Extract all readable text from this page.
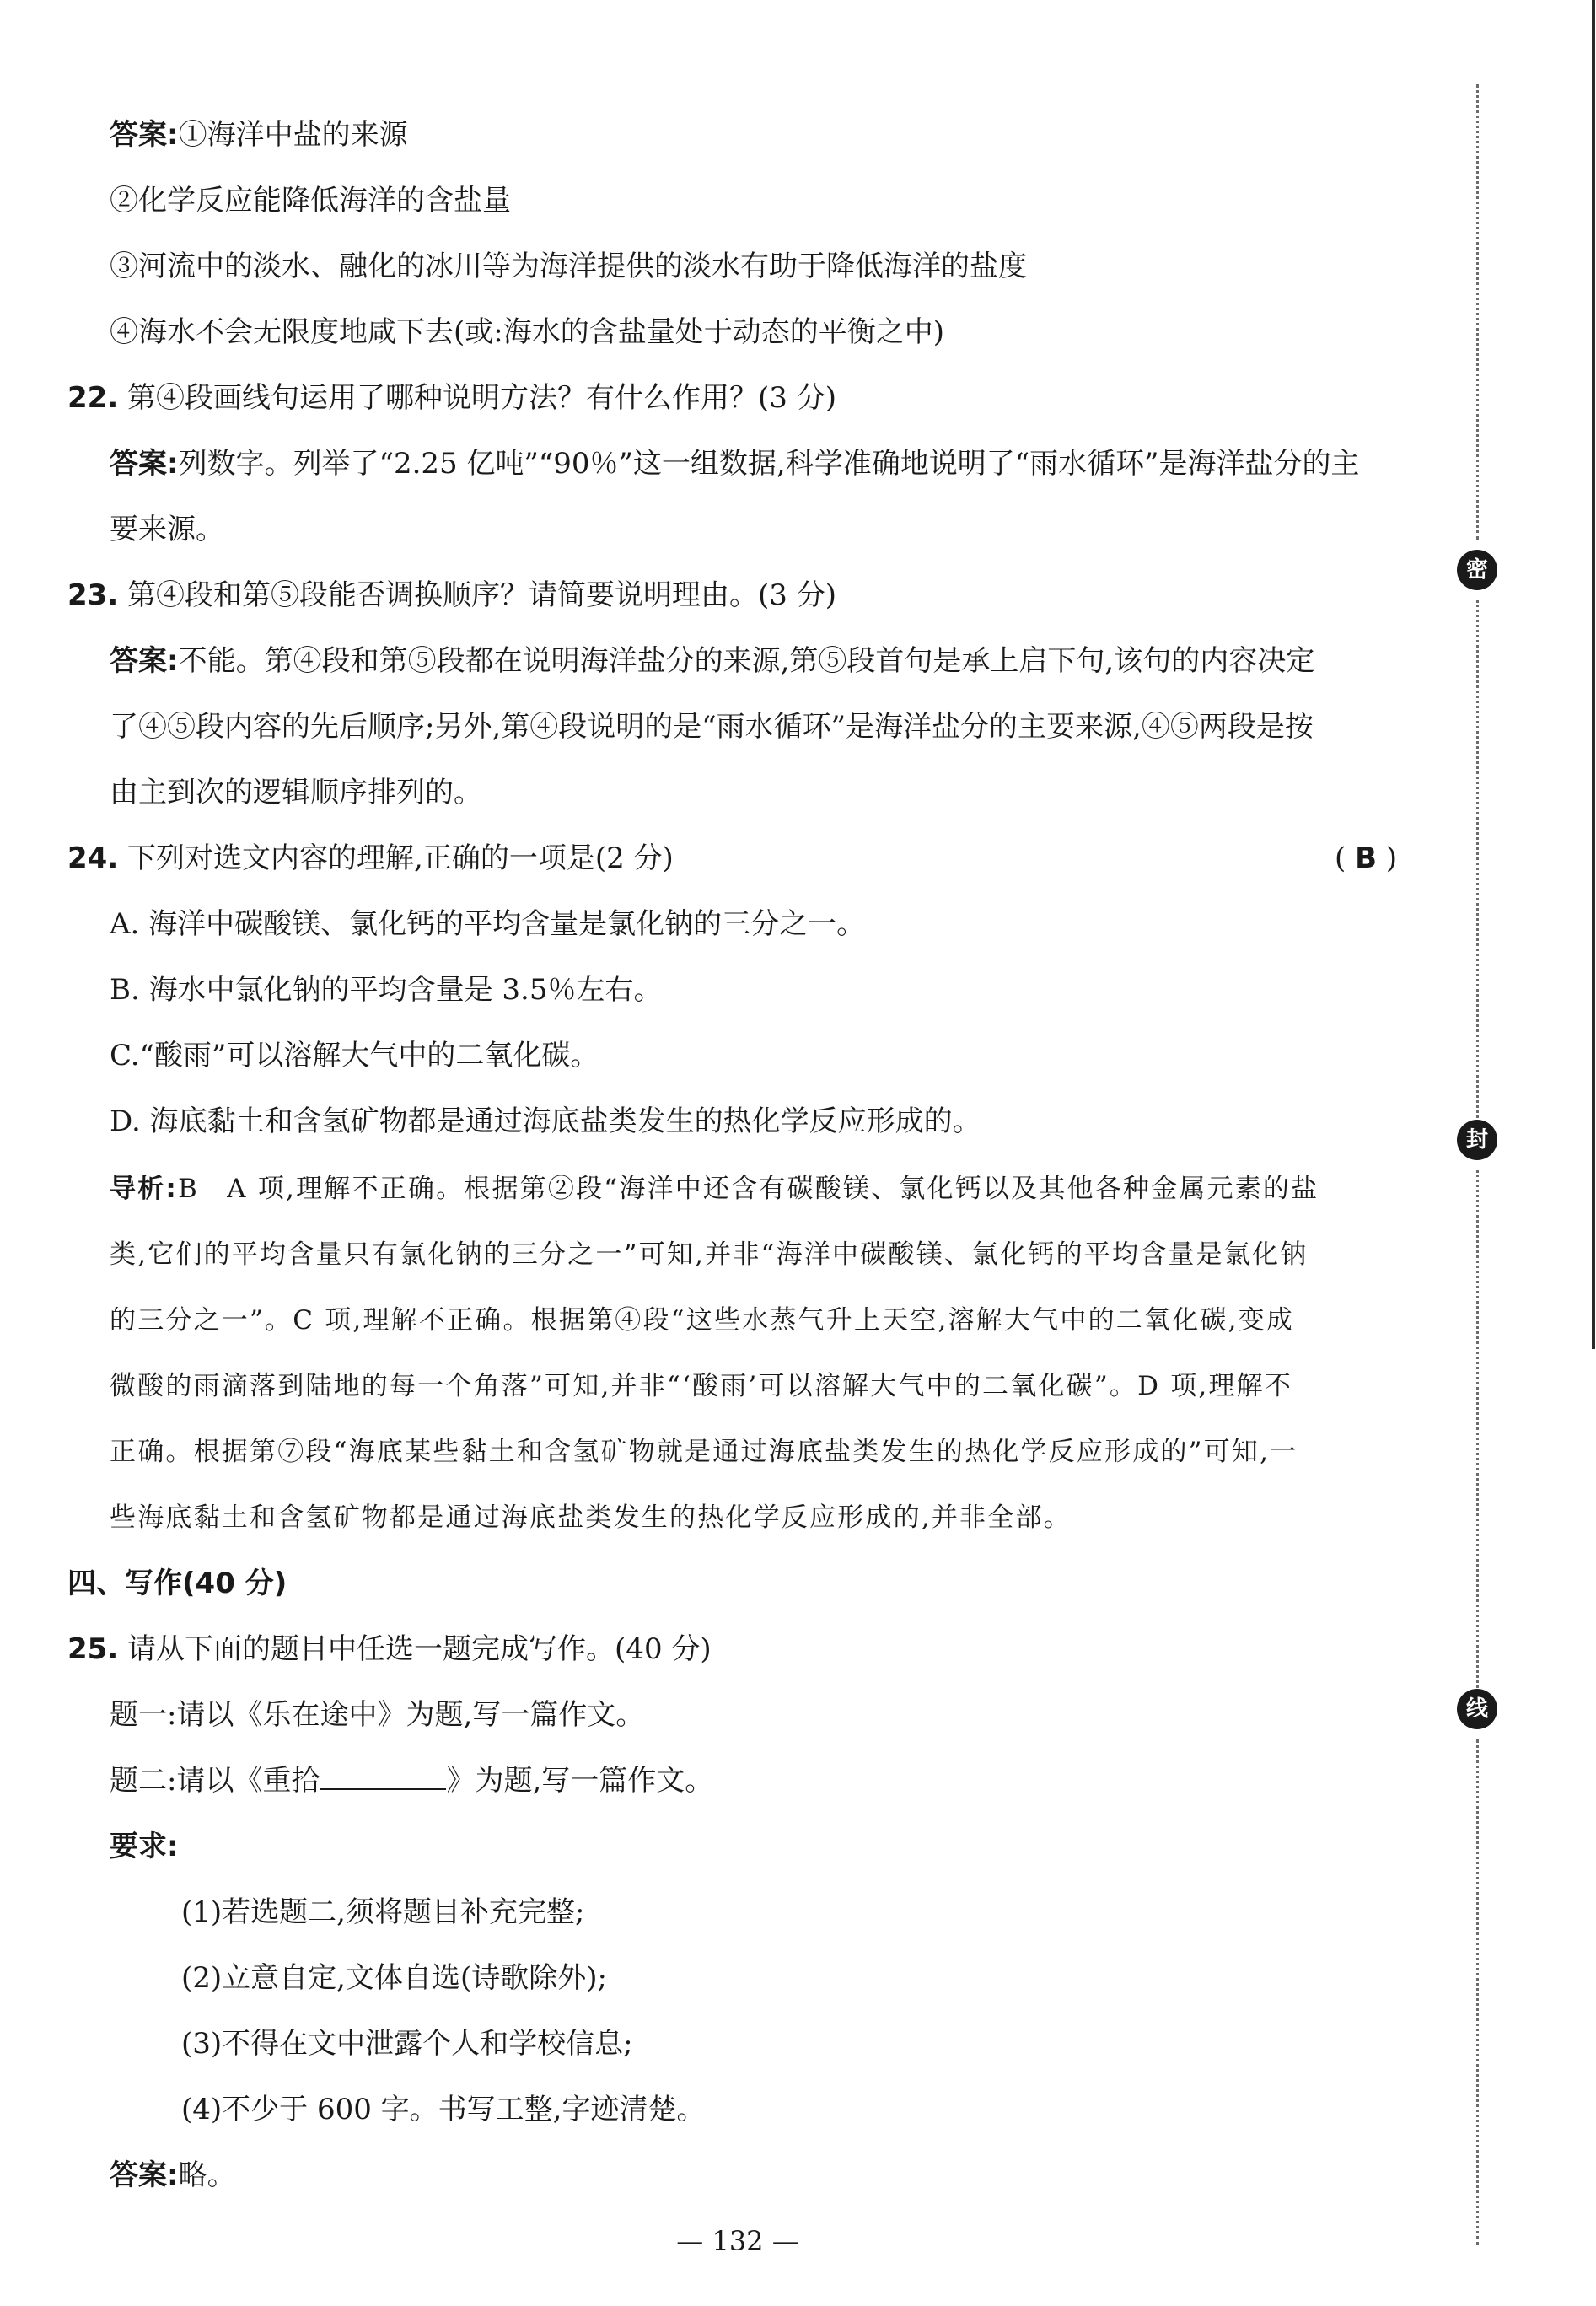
答案:①海洋中盐的来源
②化学反应能降低海洋的含盐量
③河流中的淡水、融化的冰川等为海洋提供的淡水有助于降低海洋的盐度
④海水不会无限度地咸下去(或:海水的含盐量处于动态的平衡之中)
22. 第④段画线句运用了哪种说明方法？有什么作用？(3 分)
答案:列数字。列举了“2.25 亿吨”“90％”这一组数据,科学准确地说明了“雨水循环”是海洋盐分的主
要来源。
23. 第④段和第⑤段能否调换顺序？请简要说明理由。(3 分)
答案:不能。第④段和第⑤段都在说明海洋盐分的来源,第⑤段首句是承上启下句,该句的内容决定
了④⑤段内容的先后顺序;另外,第④段说明的是“雨水循环”是海洋盐分的主要来源,④⑤两段是按
由主到次的逻辑顺序排列的。
24. 下列对选文内容的理解,正确的一项是(2 分)	( B )
A. 海洋中碳酸镁、氯化钙的平均含量是氯化钠的三分之一。
B. 海水中氯化钠的平均含量是 3.5％左右。
C.“酸雨”可以溶解大气中的二氧化碳。
D. 海底黏土和含氢矿物都是通过海底盐类发生的热化学反应形成的。
导析:B　A 项,理解不正确。根据第②段“海洋中还含有碳酸镁、氯化钙以及其他各种金属元素的盐
类,它们的平均含量只有氯化钠的三分之一”可知,并非“海洋中碳酸镁、氯化钙的平均含量是氯化钠
的三分之一”。C 项,理解不正确。根据第④段“这些水蒸气升上天空,溶解大气中的二氧化碳,变成
微酸的雨滴落到陆地的每一个角落”可知,并非“‘酸雨’可以溶解大气中的二氧化碳”。D 项,理解不
正确。根据第⑦段“海底某些黏土和含氢矿物就是通过海底盐类发生的热化学反应形成的”可知,一
些海底黏土和含氢矿物都是通过海底盐类发生的热化学反应形成的,并非全部。
四、写作(40 分)
25. 请从下面的题目中任选一题完成写作。(40 分)
题一:请以《乐在途中》为题,写一篇作文。
题二:请以《重拾	》为题,写一篇作文。
要求:
(1)若选题二,须将题目补充完整;
(2)立意自定,文体自选(诗歌除外);
(3)不得在文中泄露个人和学校信息;
(4)不少于 600 字。书写工整,字迹清楚。
答案:略。
密
封
线
— 132 —
